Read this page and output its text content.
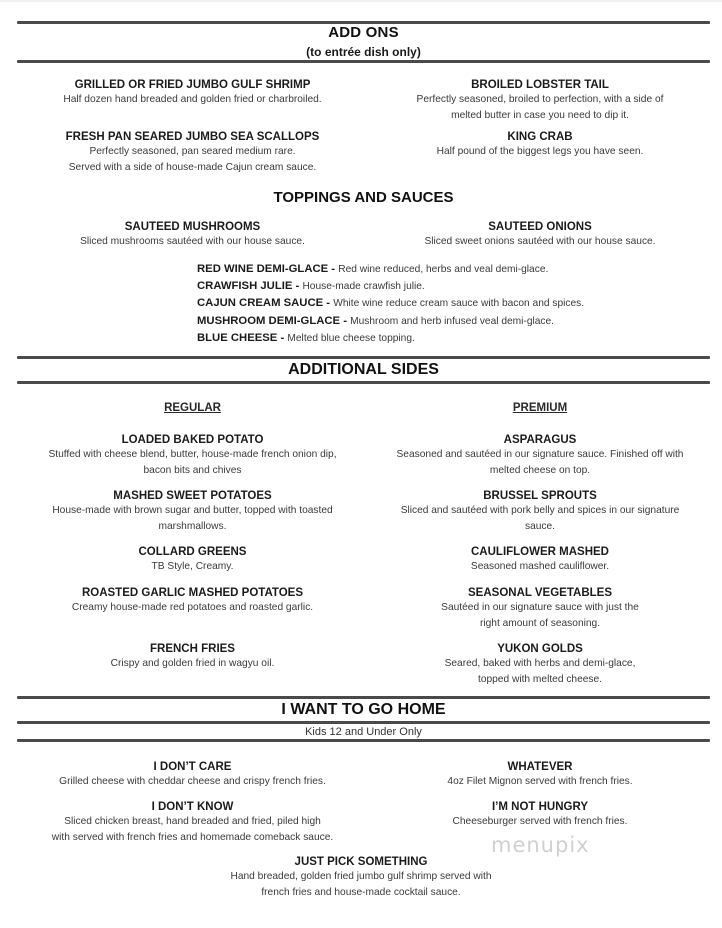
ADD ONS
(to entrée dish only)
GRILLED OR FRIED JUMBO GULF SHRIMP
Half dozen hand breaded and golden fried or charbroiled.
BROILED LOBSTER TAIL
Perfectly seasoned, broiled to perfection, with a side of
melted butter in case you need to dip it.
FRESH PAN SEARED JUMBO SEA SCALLOPS
Perfectly seasoned, pan seared medium rare.
Served with a side of house-made Cajun cream sauce.
KING CRAB
Half pound of the biggest legs you have seen.
TOPPINGS AND SAUCES
SAUTEED MUSHROOMS
Sliced mushrooms sautéed with our house sauce.
SAUTEED ONIONS
Sliced sweet onions sautéed with our house sauce.
RED WINE DEMI-GLACE - Red wine reduced, herbs and veal demi-glace.
CRAWFISH JULIE - House-made crawfish julie.
CAJUN CREAM SAUCE - White wine reduce cream sauce with bacon and spices.
MUSHROOM DEMI-GLACE - Mushroom and herb infused veal demi-glace.
BLUE CHEESE - Melted blue cheese topping.
ADDITIONAL SIDES
REGULAR	PREMIUM
LOADED BAKED POTATO
Stuffed with cheese blend, butter, house-made french onion dip,
bacon bits and chives
ASPARAGUS
Seasoned and sautéed in our signature sauce. Finished off with
melted cheese on top.
MASHED SWEET POTATOES
House-made with brown sugar and butter, topped with toasted
marshmallows.
BRUSSEL SPROUTS
Sliced and sautéed with pork belly and spices in our signature
sauce.
COLLARD GREENS
TB Style, Creamy.
CAULIFLOWER MASHED
Seasoned mashed cauliflower.
ROASTED GARLIC MASHED POTATOES
Creamy house-made red potatoes and roasted garlic.
SEASONAL VEGETABLES
Sautéed in our signature sauce with just the
right amount of seasoning.
FRENCH FRIES
Crispy and golden fried in wagyu oil.
YUKON GOLDS
Seared, baked with herbs and demi-glace,
topped with melted cheese.
I WANT TO GO HOME
Kids 12 and Under Only
I DON’T CARE
Grilled cheese with cheddar cheese and crispy french fries.
WHATEVER
4oz Filet Mignon served with french fries.
I DON’T KNOW
Sliced chicken breast, hand breaded and fried, piled high
with served with french fries and homemade comeback sauce.
I’M NOT HUNGRY
Cheeseburger served with french fries.
JUST PICK SOMETHING
Hand breaded, golden fried jumbo gulf shrimp served with
french fries and house-made cocktail sauce.
menupix
